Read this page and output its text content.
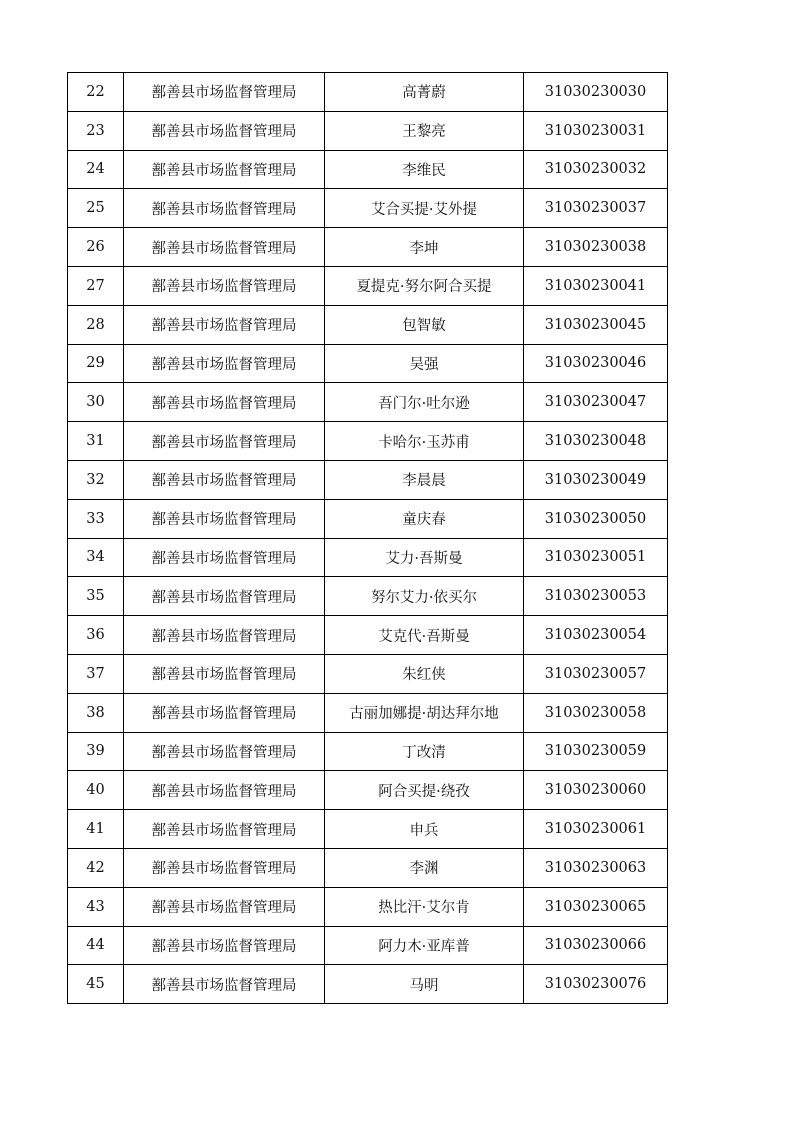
22	鄯善县市场监督管理局	高菁蔚	31030230030
23	鄯善县市场监督管理局	王黎亮	31030230031
24	鄯善县市场监督管理局	李维民	31030230032
25	鄯善县市场监督管理局	艾合买提·艾外提	31030230037
26	鄯善县市场监督管理局	李坤	31030230038
27	鄯善县市场监督管理局	夏提克·努尔阿合买提	31030230041
28	鄯善县市场监督管理局	包智敏	31030230045
29	鄯善县市场监督管理局	吴强	31030230046
30	鄯善县市场监督管理局	吾门尔·吐尔逊	31030230047
31	鄯善县市场监督管理局	卡哈尔·玉苏甫	31030230048
32	鄯善县市场监督管理局	李晨晨	31030230049
33	鄯善县市场监督管理局	童庆春	31030230050
34	鄯善县市场监督管理局	艾力·吾斯曼	31030230051
35	鄯善县市场监督管理局	努尔艾力·依买尔	31030230053
36	鄯善县市场监督管理局	艾克代·吾斯曼	31030230054
37	鄯善县市场监督管理局	朱红侠	31030230057
38	鄯善县市场监督管理局	古丽加娜提·胡达拜尔地	31030230058
39	鄯善县市场监督管理局	丁改清	31030230059
40	鄯善县市场监督管理局	阿合买提·绕孜	31030230060
41	鄯善县市场监督管理局	申兵	31030230061
42	鄯善县市场监督管理局	李渊	31030230063
43	鄯善县市场监督管理局	热比汗·艾尔肯	31030230065
44	鄯善县市场监督管理局	阿力木·亚库普	31030230066
45	鄯善县市场监督管理局	马明	31030230076
